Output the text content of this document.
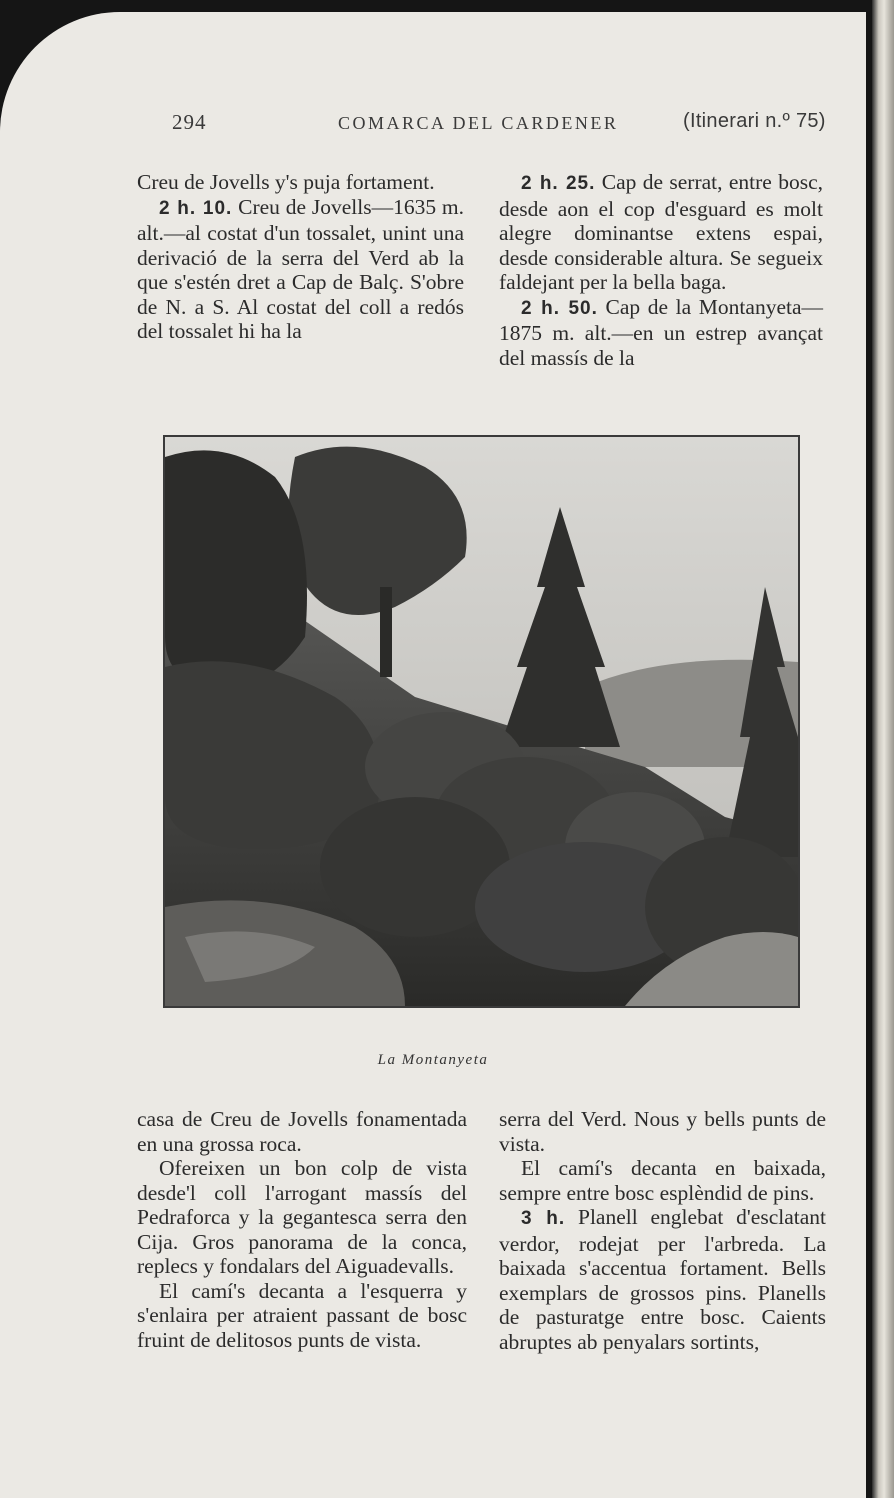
294	COMARCA DEL CARDENER	(Itinerari n.º 75)

Creu de Jovells y's puja fortament.

2 h. 10. Creu de Jovells—1635 m. alt.—al costat d'un tossalet, unint una derivació de la serra del Verd ab la que s'estén dret a Cap de Balç. S'obre de N. a S. Al costat del coll a redós del tossalet hi ha la

2 h. 25. Cap de serrat, entre bosc, desde aon el cop d'esguard es molt alegre dominantse extens espai, desde considerable altura. Se segueix faldejant per la bella baga.

2 h. 50. Cap de la Montanyeta—1875 m. alt.—en un estrep avançat del massís de la

La Montanyeta

casa de Creu de Jovells fonamentada en una grossa roca.

Ofereixen un bon colp de vista desde'l coll l'arrogant massís del Pedraforca y la gegantesca serra den Cija. Gros panorama de la conca, replecs y fondalars del Aiguadevalls.

El camí's decanta a l'esquerra y s'enlaira per atraient passant de bosc fruint de delitosos punts de vista.

serra del Verd. Nous y bells punts de vista.

El camí's decanta en baixada, sempre entre bosc esplèndid de pins.

3 h. Planell englebat d'esclatant verdor, rodejat per l'arbreda. La baixada s'accentua fortament. Bells exemplars de grossos pins. Planells de pasturatge entre bosc. Caients abruptes ab penyalars sortints,
